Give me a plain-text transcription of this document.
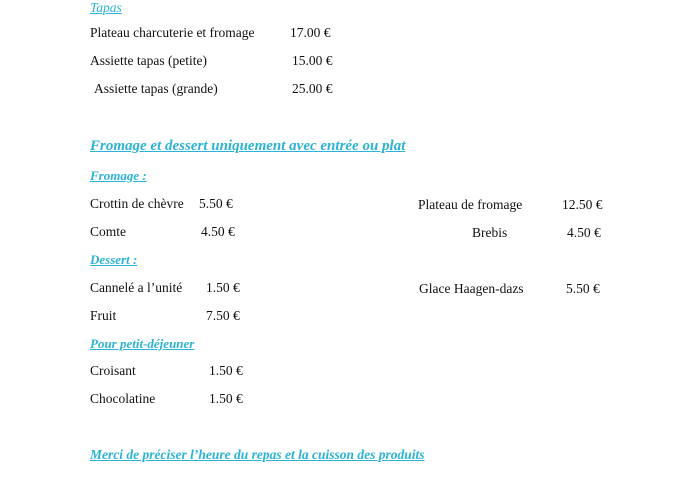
Tapas
Plateau charcuterie et fromage	17.00 €
Assiette tapas (petite)	15.00 €
Assiette tapas (grande)	25.00 €
Fromage et dessert uniquement avec entrée ou plat
Fromage :
Crottin de chèvre 5.50 €
Comte	4.50 €
Plateau de fromage	12.50 €
Brebis	4.50 €
Dessert :
Cannelé a l’unité 1.50 €
Fruit	7.50 €
Glace Haagen-dazs	5.50 €
Pour petit-déjeuner
Croisant	1.50 €
Chocolatine	1.50 €
Merci de préciser l’heure du repas et la cuisson des produits
